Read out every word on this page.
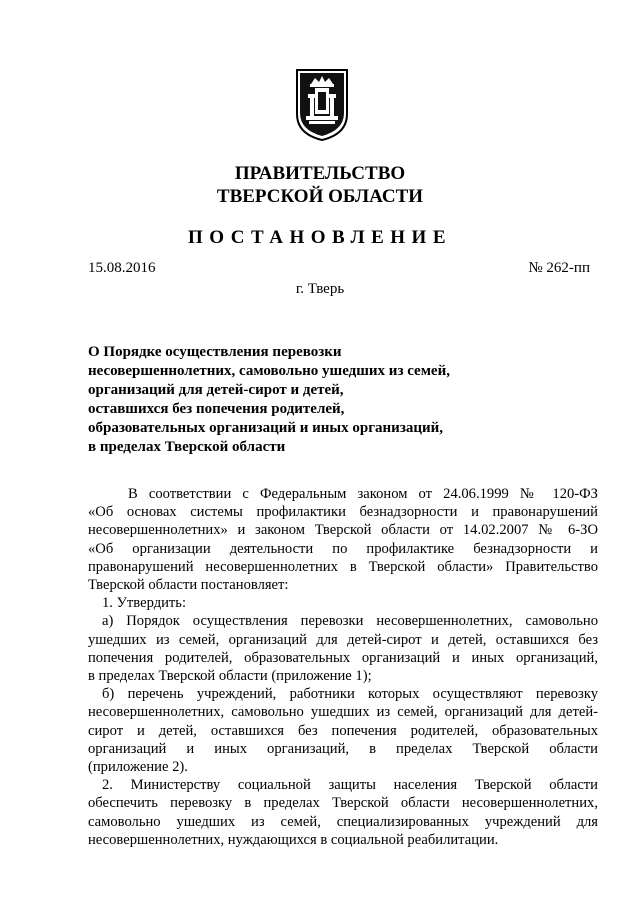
ПРАВИТЕЛЬСТВО
ТВЕРСКОЙ ОБЛАСТИ
ПОСТАНОВЛЕНИЕ
15.08.2016	№ 262-пп
г. Тверь
О Порядке осуществления перевозки
несовершеннолетних, самовольно ушедших из семей,
организаций для детей-сирот и детей,
оставшихся без попечения родителей,
образовательных организаций и иных организаций,
в пределах Тверской области
В соответствии с Федеральным законом от 24.06.1999 № 120-ФЗ
«Об основах системы профилактики безнадзорности и правонарушений
несовершеннолетних» и законом Тверской области от 14.02.2007 № 6-ЗО
«Об организации деятельности по профилактике безнадзорности и
правонарушений несовершеннолетних в Тверской области» Правительство
Тверской области постановляет:
1. Утвердить:
а) Порядок осуществления перевозки несовершеннолетних, самовольно
ушедших из семей, организаций для детей-сирот и детей, оставшихся без
попечения родителей, образовательных организаций и иных организаций,
в пределах Тверской области (приложение 1);
б) перечень учреждений, работники которых осуществляют перевозку
несовершеннолетних, самовольно ушедших из семей, организаций для детей-
сирот и детей, оставшихся без попечения родителей, образовательных
организаций и иных организаций, в пределах Тверской области
(приложение 2).
2. Министерству социальной защиты населения Тверской области
обеспечить перевозку в пределах Тверской области несовершеннолетних,
самовольно ушедших из семей, специализированных учреждений для
несовершеннолетних, нуждающихся в социальной реабилитации.
